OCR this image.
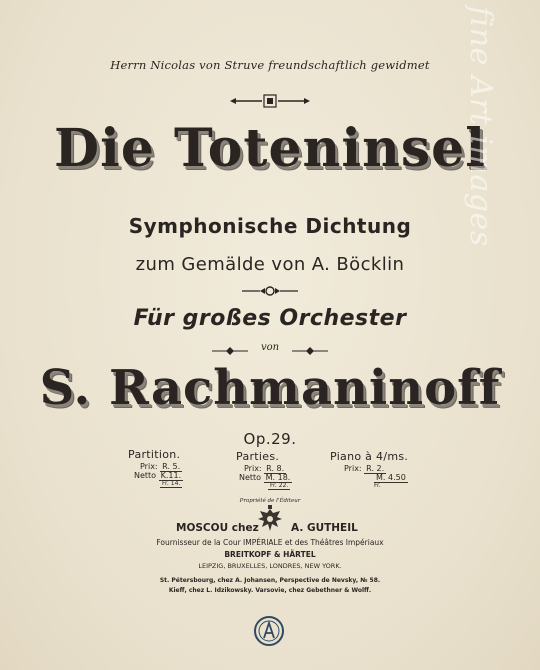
Herrn Nicolas von Struve freundschaftlich gewidmet
Die Toteninsel
Symphonische Dichtung
zum Gemälde von A. Böcklin
Für großes Orchester
von
S. Rachmaninoff
Op.29.
Partition.
Prix: R. 5.
Netto K.11.
Fr. 14.
Parties.
Prix: R. 8.
Netto M. 18.
Fr. 22.
Piano à 4/ms.
Prix: R. 2.
M. 4.50
Fr.
Propriété de l'Éditeur
MOSCOU chez	A. GUTHEIL
Fournisseur de la Cour IMPÉRIALE et des Théâtres Impériaux
BREITKOPF & HÄRTEL
LEIPZIG, BRUXELLES, LONDRES, NEW YORK.
St. Pétersbourg, chez A. Johansen, Perspective de Nevsky, № 58.
Kieff, chez L. Idzikowsky. Varsovie, chez Gebethner & Wolff.
fine Art images
